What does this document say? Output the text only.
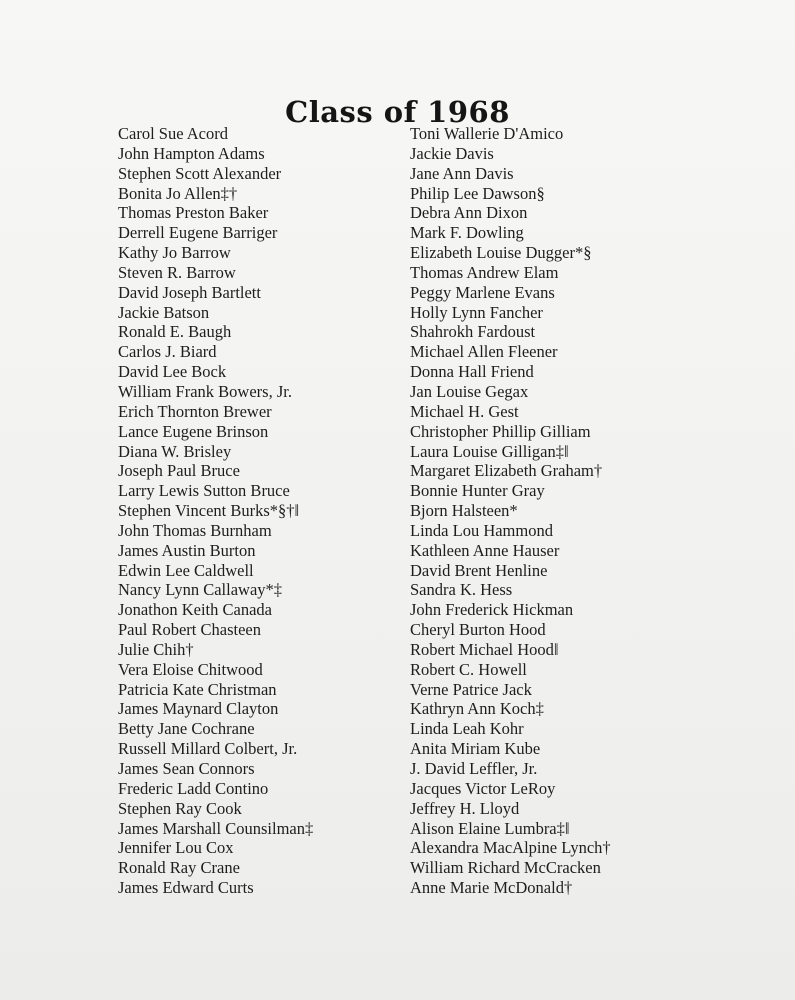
Class of 1968
Carol Sue Acord
John Hampton Adams
Stephen Scott Alexander
Bonita Jo Allen‡†
Thomas Preston Baker
Derrell Eugene Barriger
Kathy Jo Barrow
Steven R. Barrow
David Joseph Bartlett
Jackie Batson
Ronald E. Baugh
Carlos J. Biard
David Lee Bock
William Frank Bowers, Jr.
Erich Thornton Brewer
Lance Eugene Brinson
Diana W. Brisley
Joseph Paul Bruce
Larry Lewis Sutton Bruce
Stephen Vincent Burks*§†‖
John Thomas Burnham
James Austin Burton
Edwin Lee Caldwell
Nancy Lynn Callaway*‡
Jonathon Keith Canada
Paul Robert Chasteen
Julie Chih†
Vera Eloise Chitwood
Patricia Kate Christman
James Maynard Clayton
Betty Jane Cochrane
Russell Millard Colbert, Jr.
James Sean Connors
Frederic Ladd Contino
Stephen Ray Cook
James Marshall Counsilman‡
Jennifer Lou Cox
Ronald Ray Crane
James Edward Curts
Toni Wallerie D'Amico
Jackie Davis
Jane Ann Davis
Philip Lee Dawson§
Debra Ann Dixon
Mark F. Dowling
Elizabeth Louise Dugger*§
Thomas Andrew Elam
Peggy Marlene Evans
Holly Lynn Fancher
Shahrokh Fardoust
Michael Allen Fleener
Donna Hall Friend
Jan Louise Gegax
Michael H. Gest
Christopher Phillip Gilliam
Laura Louise Gilligan‡‖
Margaret Elizabeth Graham†
Bonnie Hunter Gray
Bjorn Halsteen*
Linda Lou Hammond
Kathleen Anne Hauser
David Brent Henline
Sandra K. Hess
John Frederick Hickman
Cheryl Burton Hood
Robert Michael Hood‖
Robert C. Howell
Verne Patrice Jack
Kathryn Ann Koch‡
Linda Leah Kohr
Anita Miriam Kube
J. David Leffler, Jr.
Jacques Victor LeRoy
Jeffrey H. Lloyd
Alison Elaine Lumbra‡‖
Alexandra MacAlpine Lynch†
William Richard McCracken
Anne Marie McDonald†
